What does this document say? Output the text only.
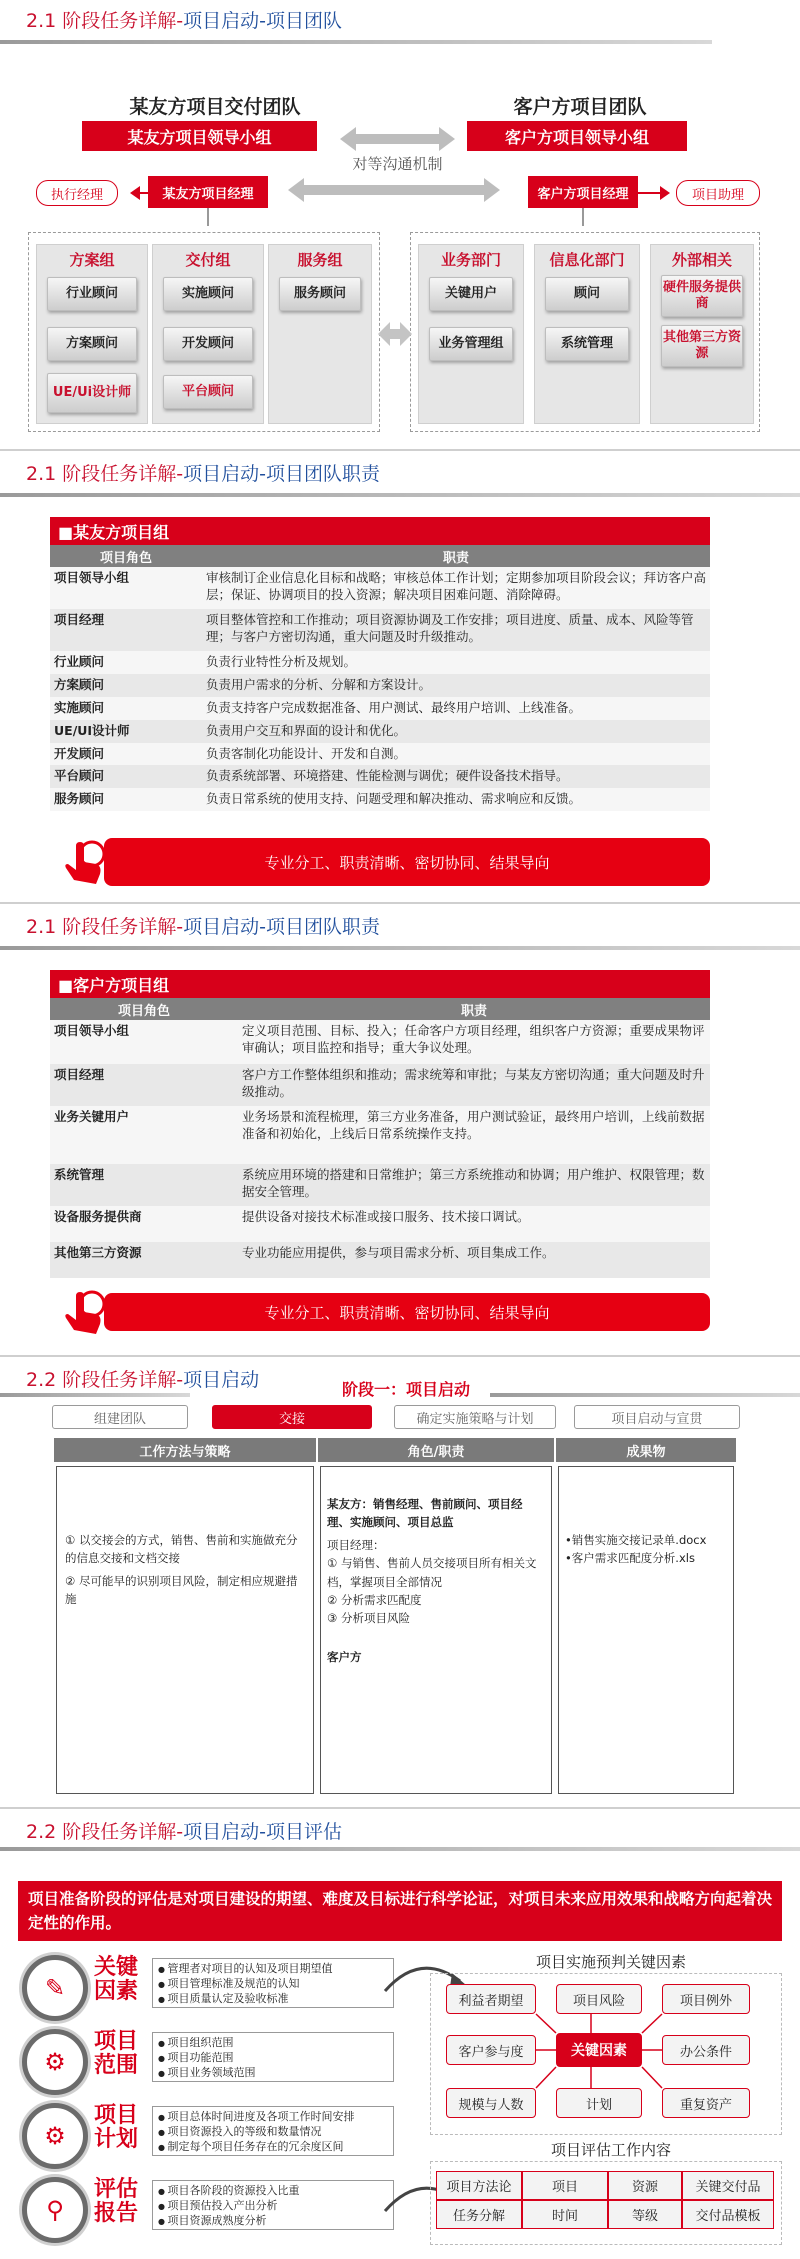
2.1 阶段任务详解-项目启动-项目团队
某友方项目交付团队	客户方项目团队
某友方项目领导小组	客户方项目领导小组
对等沟通机制
执行经理	某友方项目经理	客户方项目经理	项目助理
方案组
行业顾问
方案顾问
UE/Ui设计师
交付组
实施顾问
开发顾问
平台顾问
服务组
服务顾问
业务部门
关键用户
业务管理组
信息化部门
顾问
系统管理
外部相关
硬件服务提供商
其他第三方资源
2.1 阶段任务详解-项目启动-项目团队职责
■某友方项目组
项目角色	职责
项目领导小组	审核制订企业信息化目标和战略；审核总体工作计划；定期参加项目阶段会议；拜访客户高层；保证、协调项目的投入资源；解决项目困难问题、消除障碍。
项目经理	项目整体管控和工作推动；项目资源协调及工作安排；项目进度、质量、成本、风险等管理；与客户方密切沟通，重大问题及时升级推动。
行业顾问	负责行业特性分析及规划。
方案顾问	负责用户需求的分析、分解和方案设计。
实施顾问	负责支持客户完成数据准备、用户测试、最终用户培训、上线准备。
UE/UI设计师	负责用户交互和界面的设计和优化。
开发顾问	负责客制化功能设计、开发和自测。
平台顾问	负责系统部署、环境搭建、性能检测与调优；硬件设备技术指导。
服务顾问	负责日常系统的使用支持、问题受理和解决推动、需求响应和反馈。
专业分工、职责清晰、密切协同、结果导向
2.1 阶段任务详解-项目启动-项目团队职责
■客户方项目组
项目角色	职责
项目领导小组	定义项目范围、目标、投入；任命客户方项目经理，组织客户方资源；重要成果物评审确认；项目监控和指导；重大争议处理。
项目经理	客户方工作整体组织和推动；需求统筹和审批；与某友方密切沟通；重大问题及时升级推动。
业务关键用户	业务场景和流程梳理，第三方业务准备，用户测试验证，最终用户培训，上线前数据准备和初始化，上线后日常系统操作支持。
系统管理	系统应用环境的搭建和日常维护；第三方系统推动和协调；用户维护、权限管理；数据安全管理。
设备服务提供商	提供设备对接技术标准或接口服务、技术接口调试。
其他第三方资源	专业功能应用提供，参与项目需求分析、项目集成工作。
专业分工、职责清晰、密切协同、结果导向
2.2 阶段任务详解-项目启动	阶段一：项目启动
组建团队	交接	确定实施策略与计划	项目启动与宣贯
工作方法与策略	角色/职责	成果物
① 以交接会的方式，销售、售前和实施做充分的信息交接和文档交接
② 尽可能早的识别项目风险，制定相应规避措施
某友方：销售经理、售前顾问、项目经理、实施顾问、项目总监
项目经理：
① 与销售、售前人员交接项目所有相关文档，掌握项目全部情况
② 分析需求匹配度
③ 分析项目风险
客户方
•销售实施交接记录单.docx
•客户需求匹配度分析.xls
2.2 阶段任务详解-项目启动-项目评估
项目准备阶段的评估是对项目建设的期望、难度及目标进行科学论证，对项目未来应用效果和战略方向起着决定性的作用。
✎
关键因素
● 管理者对项目的认知及项目期望值
● 项目管理标准及规范的认知
● 项目质量认定及验收标准
⚙
项目范围
● 项目组织范围
● 项目功能范围
● 项目业务领域范围
⚙
项目计划
● 项目总体时间进度及各项工作时间安排
● 项目资源投入的等级和数量情况
● 制定每个项目任务存在的冗余度区间
⚲
评估报告
● 项目各阶段的资源投入比重
● 项目预估投入产出分析
● 项目资源成熟度分析
项目实施预判关键因素
利益者期望	项目风险	项目例外
客户参与度	关键因素	办公条件
规模与人数	计划	重复资产
项目评估工作内容
项目方法论	项目	资源	关键交付品
任务分解	时间	等级	交付品模板
